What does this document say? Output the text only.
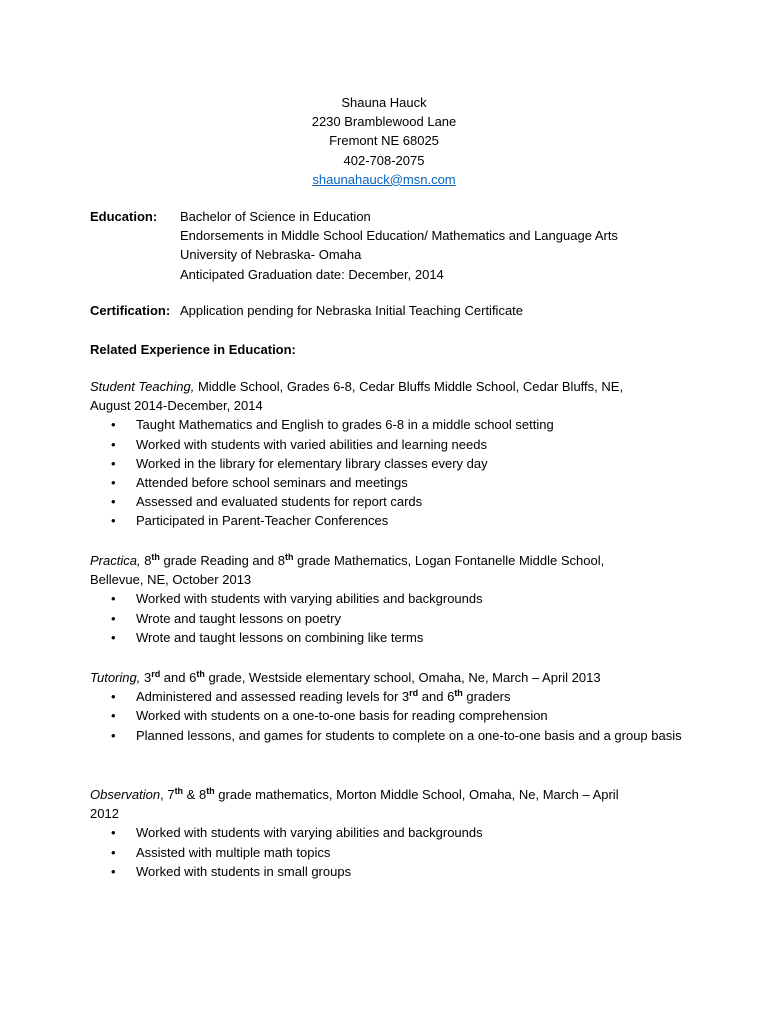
Shauna Hauck
2230 Bramblewood Lane
Fremont NE 68025
402-708-2075
shaunahauck@msn.com
Education: Bachelor of Science in Education
Endorsements in Middle School Education/ Mathematics and Language Arts
University of Nebraska- Omaha
Anticipated Graduation date: December, 2014
Certification: Application pending for Nebraska Initial Teaching Certificate
Related Experience in Education:
Student Teaching, Middle School, Grades 6-8, Cedar Bluffs Middle School, Cedar Bluffs, NE,
August 2014-December, 2014
• Taught Mathematics and English to grades 6-8 in a middle school setting
• Worked with students with varied abilities and learning needs
• Worked in the library for elementary library classes every day
• Attended before school seminars and meetings
• Assessed and evaluated students for report cards
• Participated in Parent-Teacher Conferences
Practica, 8th grade Reading and 8th grade Mathematics, Logan Fontanelle Middle School,
Bellevue, NE, October 2013
• Worked with students with varying abilities and backgrounds
• Wrote and taught lessons on poetry
• Wrote and taught lessons on combining like terms
Tutoring, 3rd and 6th grade, Westside elementary school, Omaha, Ne, March – April 2013
• Administered and assessed reading levels for 3rd and 6th graders
• Worked with students on a one-to-one basis for reading comprehension
• Planned lessons, and games for students to complete on a one-to-one basis and a group basis
Observation, 7th & 8th grade mathematics, Morton Middle School, Omaha, Ne, March – April
2012
• Worked with students with varying abilities and backgrounds
• Assisted with multiple math topics
• Worked with students in small groups
